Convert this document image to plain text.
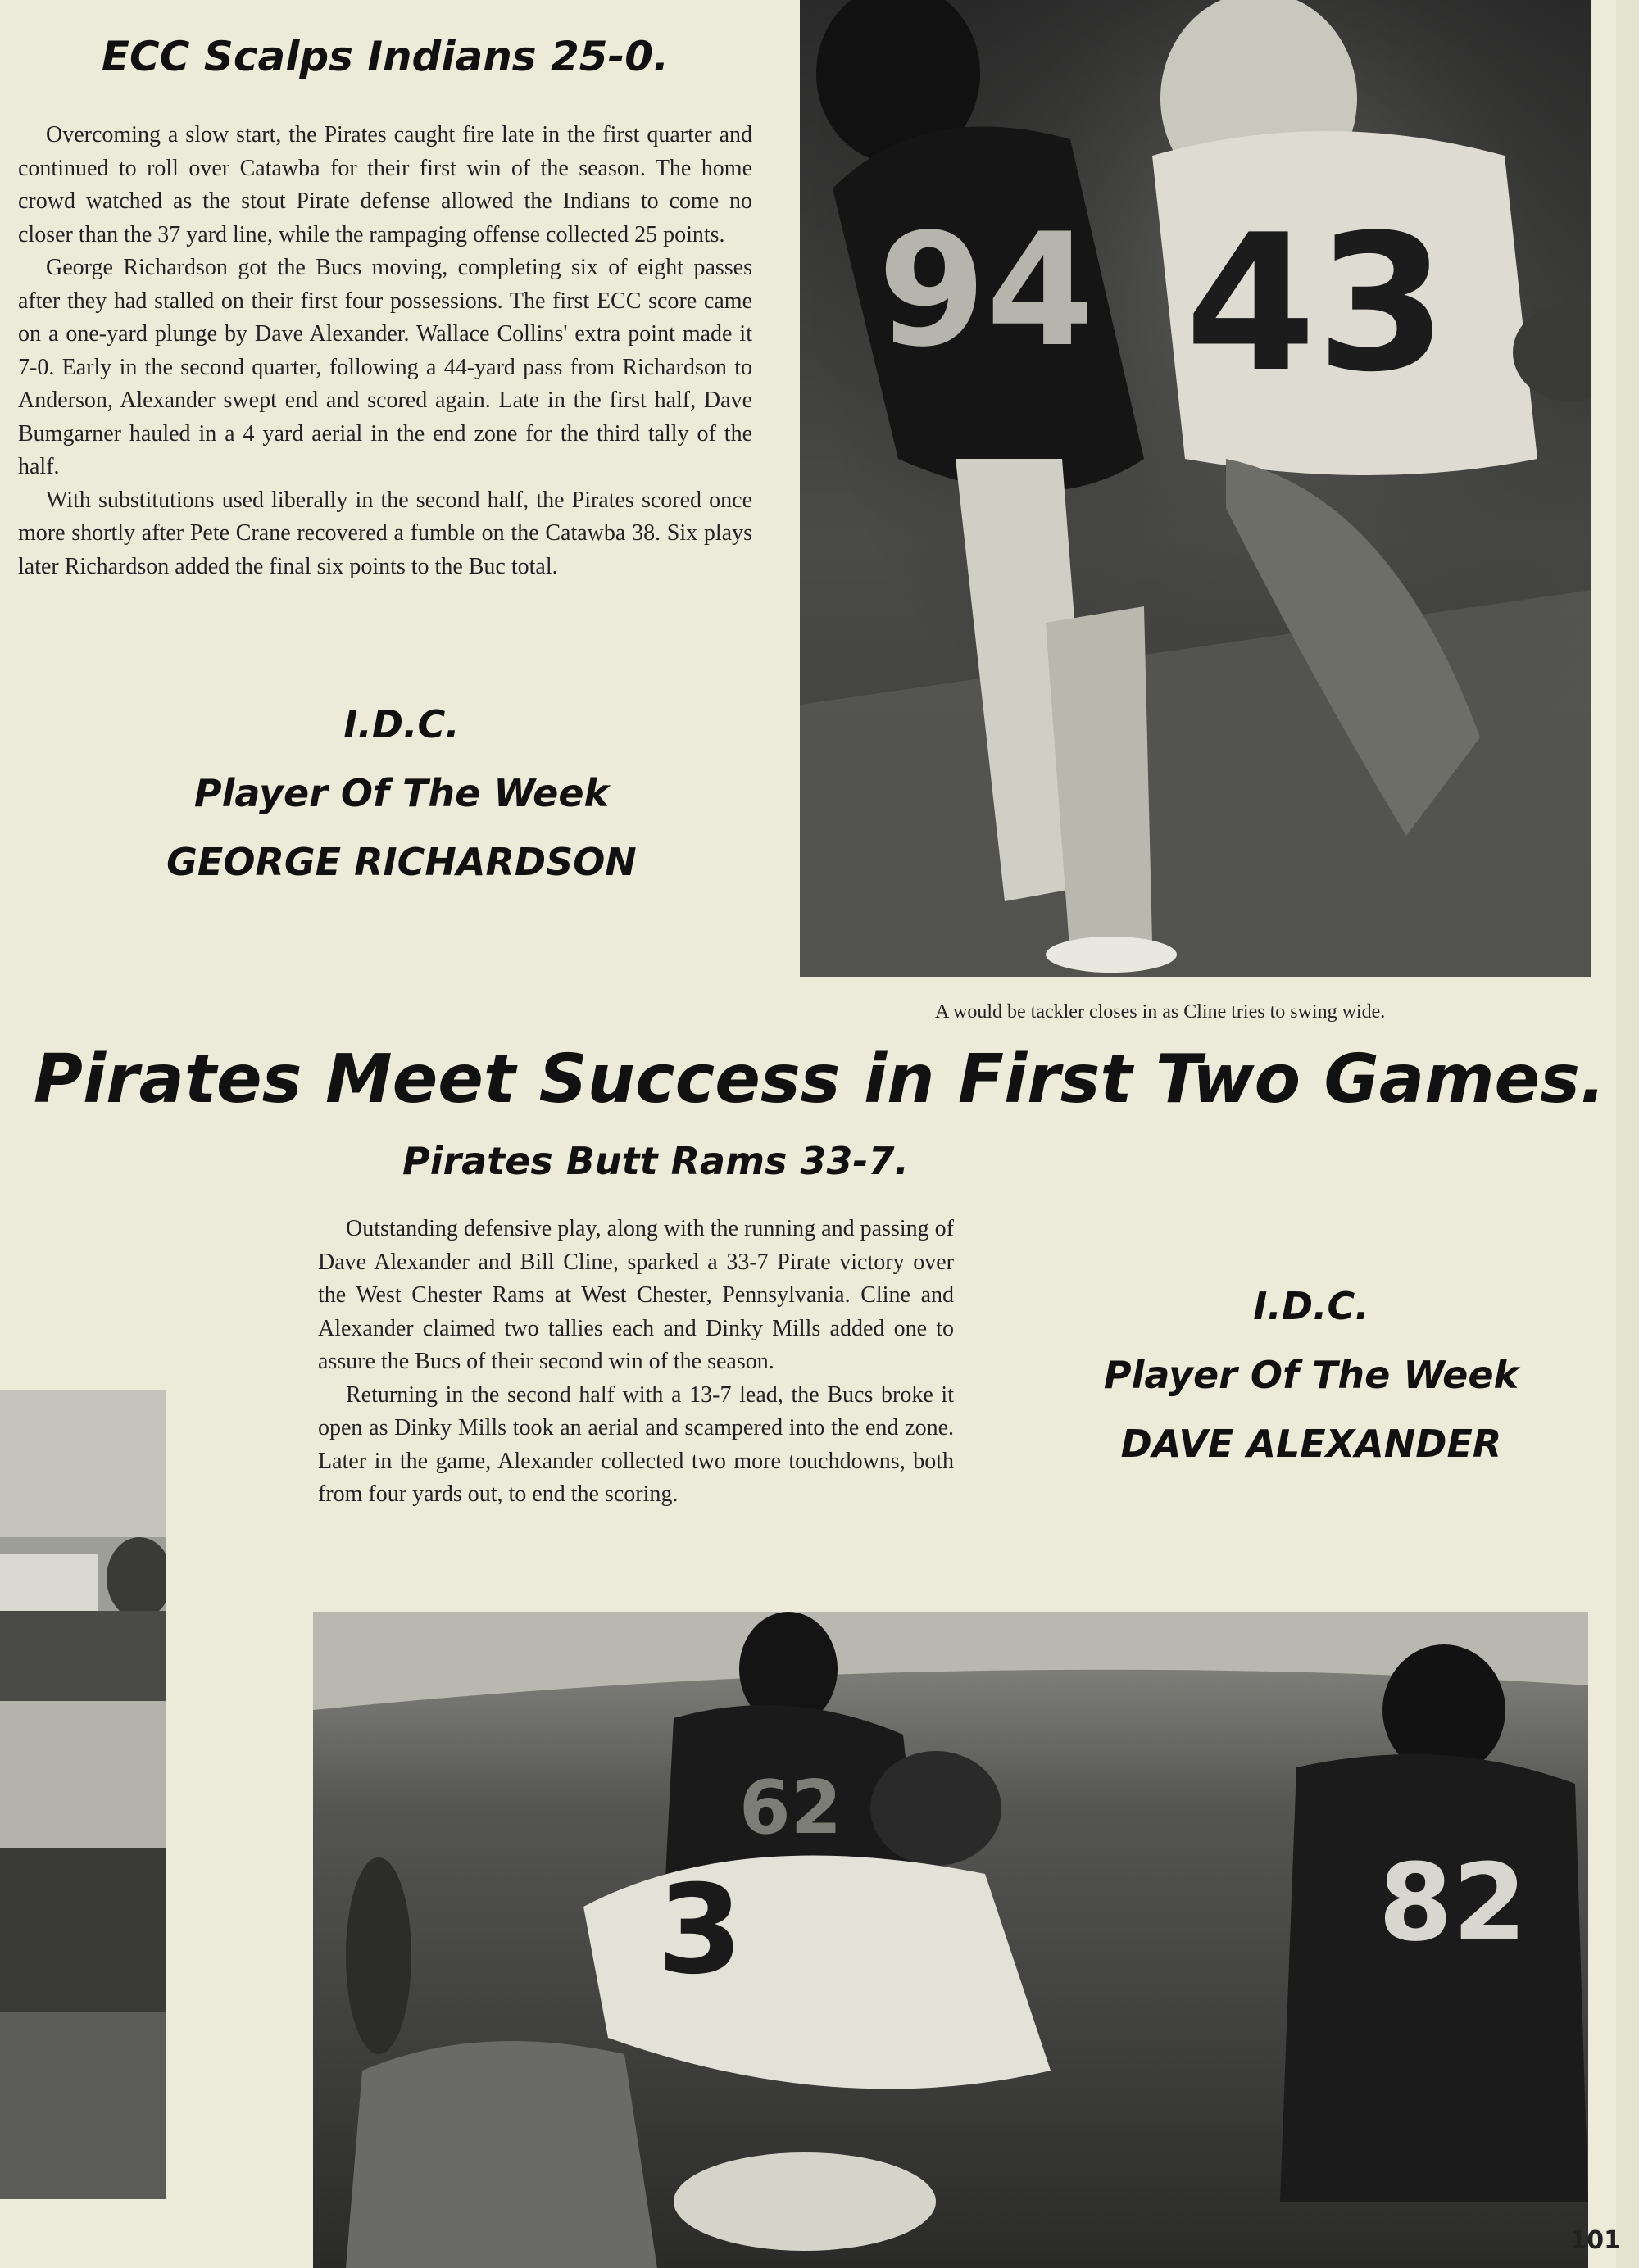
ECC Scalps Indians 25-0.

Overcoming a slow start, the Pirates caught fire late in the first quarter and continued to roll over Catawba for their first win of the season. The home crowd watched as the stout Pirate defense allowed the Indians to come no closer than the 37 yard line, while the rampaging offense collected 25 points.

George Richardson got the Bucs moving, completing six of eight passes after they had stalled on their first four possessions. The first ECC score came on a one-yard plunge by Dave Alexander. Wallace Collins' extra point made it 7-0. Early in the second quarter, following a 44-yard pass from Richardson to Anderson, Alexander swept end and scored again. Late in the first half, Dave Bumgarner hauled in a 4 yard aerial in the end zone for the third tally of the half.

With substitutions used liberally in the second half, the Pirates scored once more shortly after Pete Crane recovered a fumble on the Catawba 38. Six plays later Richardson added the final six points to the Buc total.

I.D.C.
Player Of The Week
GEORGE RICHARDSON
94 43
A would be tackler closes in as Cline tries to swing wide.
Pirates Meet Success in First Two Games.
Pirates Butt Rams 33-7.

Outstanding defensive play, along with the running and passing of Dave Alexander and Bill Cline, sparked a 33-7 Pirate victory over the West Chester Rams at West Chester, Pennsylvania. Cline and Alexander claimed two tallies each and Dinky Mills added one to assure the Bucs of their second win of the season.

Returning in the second half with a 13-7 lead, the Bucs broke it open as Dinky Mills took an aerial and scampered into the end zone. Later in the game, Alexander collected two more touchdowns, both from four yards out, to end the scoring.

I.D.C.
Player Of The Week
DAVE ALEXANDER
62
82
3
101
